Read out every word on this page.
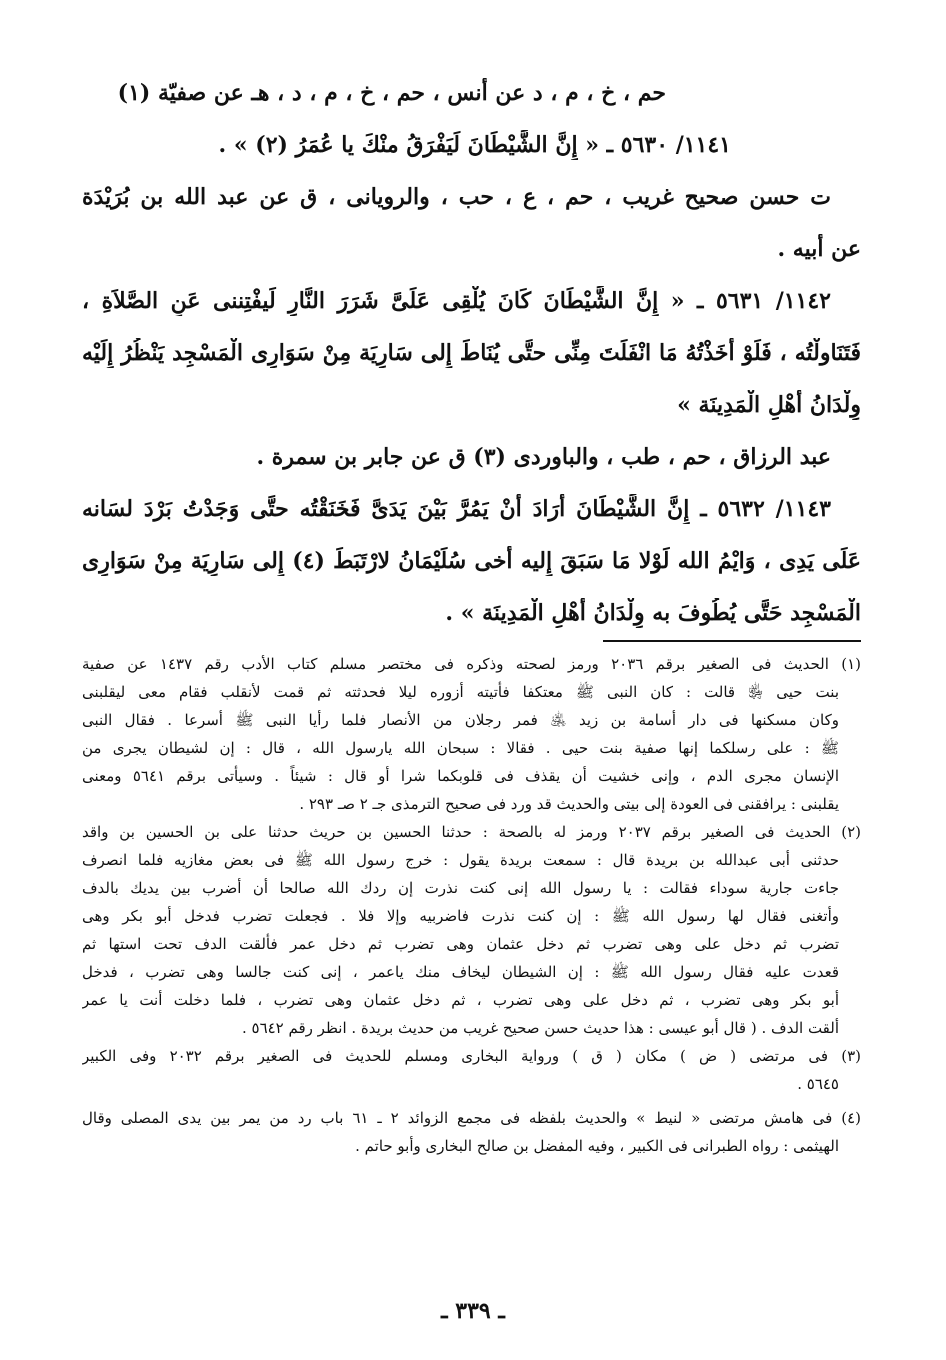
حم ، خ ، م ، د عن أنس ، حم ، خ ، م ، د ، هـ عن صفيّة (١)

١١٤١/ ٥٦٣٠ ـ « إِنَّ الشَّيْطَانَ لَيَفْرَقُ منْكَ يا عُمَرُ (٢) » .

ت حسن صحيح غريب ، حم ، ع ، حب ، والرويانى ، ق عن عبد الله بن بُرَيْدَة

عن أبيه .

١١٤٢/ ٥٦٣١ ـ « إِنَّ الشَّيْطَانَ كَانَ يُلْقِى عَلَىَّ شَرَرَ النَّارِ لَيفْتِننى عَنِ الصَّلاَةِ ،

فَتَنَاولْتُه ، فَلَوْ أَخَذْتُهُ مَا انْفَلَتَ مِنِّى حتَّى يُنَاطَ إِلى سَارِيَة مِنْ سَوَارِى الْمَسْجِد يَنْظُرُ إِلَيْه

وِلْدَانُ أَهْلِ الْمَدِينَة »

عبد الرزاق ، حم ، طب ، والباوردى (٣) ق عن جابر بن سمرة .

١١٤٣/ ٥٦٣٢ ـ إِنَّ الشَّيْطَانَ أَرَادَ أَنْ يَمُرَّ بَيْنَ يَدَىَّ فَخَنَقْتُه حتَّى وَجَدْتُ بَرْدَ لسَانه

عَلَى يَدِى ، وَايْمُ الله لَوْلا مَا سَبَقَ إِليه أخى سُلَيْمَانُ لارْتَبَطَ (٤) إِلى سَارِيَة مِنْ سَوَارِى

الْمَسْجِد حَتَّى يُطُوفَ به وِلْدَانُ أَهْلِ الْمَدِينَة » .

(١) الحديث فى الصغير برقم ٢٠٣٦ ورمز لصحته وذكره فى مختصر مسلم كتاب الأدب رقم ١٤٣٧ عن صفية

بنت حيى ﵂ قالت : كان النبى ﷺ معتكفا فأتيته أزوره ليلا فحدثته ثم قمت لأنقلب فقام معى ليقلبنى

وكان مسكنها فى دار أسامة بن زيد ﵁ فمر رجلان من الأنصار فلما رأيا النبى ﷺ أسرعا . فقال النبى

ﷺ : على رسلكما إنها صفية بنت حيى . فقالا : سبحان الله يارسول الله ، قال : إن لشيطان يجرى من

الإنسان مجرى الدم ، وإنى خشيت أن يقذف فى قلوبكما شرا أو قال : شيئاً . وسيأتى برقم ٥٦٤١ ومعنى

يقلبنى : يرافقنى فى العودة إلى بيتى والحديث قد ورد فى صحيح الترمذى جـ ٢ صـ ٢٩٣ .

(٢) الحديث فى الصغير برقم ٢٠٣٧ ورمز له بالصحة : حدثنا الحسين بن حريث حدثنا على بن الحسين بن واقد

حدثنى أبى عبدالله بن بريدة قال : سمعت بريدة يقول : خرج رسول الله ﷺ فى بعض مغازيه فلما انصرف

جاءت جارية سوداء فقالت : يا رسول الله إنى كنت نذرت إن ردك الله صالحا أن أضرب بين يديك بالدف

وأتغنى فقال لها رسول الله ﷺ : إن كنت نذرت فاضربيه وإلا فلا . فجعلت تضرب فدخل أبو بكر وهى

تضرب ثم دخل على وهى تضرب ثم دخل عثمان وهى تضرب ثم دخل عمر فألقت الدف تحت استها ثم

قعدت عليه فقال رسول الله ﷺ : إن الشيطان ليخاف منك ياعمر ، إنى كنت جالسا وهى تضرب ، فدخل

أبو بكر وهى تضرب ، ثم دخل على وهى تضرب ، ثم دخل عثمان وهى تضرب ، فلما دخلت أنت يا عمر

ألقت الدف . ( قال أبو عيسى : هذا حديث حسن صحيح غريب من حديث بريدة . انظر رقم ٥٦٤٢ .

(٣) فى مرتضى ( ض ) مكان ( ق ) ورواية البخارى ومسلم للحديث فى الصغير برقم ٢٠٣٢ وفى الكبير

٥٦٤٥ .

(٤) فى هامش مرتضى « لنيط » والحديث بلفظه فى مجمع الزوائد ٢ ـ ٦١ باب رد من يمر بين يدى المصلى وقال

الهيثمى : رواه الطبرانى فى الكبير ، وفيه المفضل بن صالح البخارى وأبو حاتم .

ـ ٣٣٩ ـ
